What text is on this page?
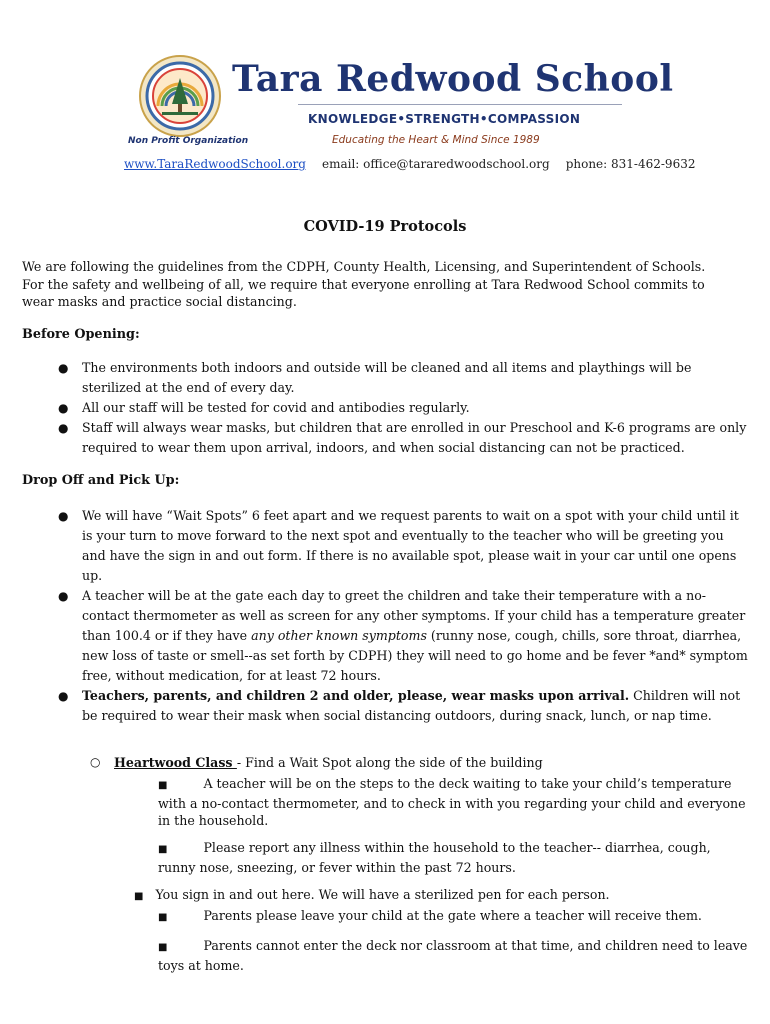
Tara Redwood School
KNOWLEDGE•STRENGTH•COMPASSION
Non Profit Organization	Educating the Heart & Mind Since 1989
www.TaraRedwoodSchool.org email: office@tararedwoodschool.org phone: 831-462-9632
COVID-19 Protocols
We are following the guidelines from the CDPH, County Health, Licensing, and Superintendent of Schools. For the safety and wellbeing of all, we require that everyone enrolling at Tara Redwood School commits to wear masks and practice social distancing.
Before Opening:
● The environments both indoors and outside will be cleaned and all items and playthings will be sterilized at the end of every day.
● All our staff will be tested for covid and antibodies regularly.
● Staff will always wear masks, but children that are enrolled in our Preschool and K-6 programs are only required to wear them upon arrival, indoors, and when social distancing can not be practiced.
Drop Off and Pick Up:
● We will have “Wait Spots” 6 feet apart and we request parents to wait on a spot with your child until it is your turn to move forward to the next spot and eventually to the teacher who will be greeting you and have the sign in and out form. If there is no available spot, please wait in your car until one opens up.
● A teacher will be at the gate each day to greet the children and take their temperature with a no-contact thermometer as well as screen for any other symptoms. If your child has a temperature greater than 100.4 or if they have any other known symptoms (runny nose, cough, chills, sore throat, diarrhea, new loss of taste or smell--as set forth by CDPH) they will need to go home and be fever *and* symptom free, without medication, for at least 72 hours.
● Teachers, parents, and children 2 and older, please, wear masks upon arrival. Children will not be required to wear their mask when social distancing outdoors, during snack, lunch, or nap time.
○ Heartwood Class - Find a Wait Spot along the side of the building
■	A teacher will be on the steps to the deck waiting to take your child’s temperature with a no-contact thermometer, and to check in with you regarding your child and everyone in the household.
■	Please report any illness within the household to the teacher-- diarrhea, cough, runny nose, sneezing, or fever within the past 72 hours.
■ You sign in and out here. We will have a sterilized pen for each person.
■	Parents please leave your child at the gate where a teacher will receive them.
■	Parents cannot enter the deck nor classroom at that time, and children need to leave toys at home.
